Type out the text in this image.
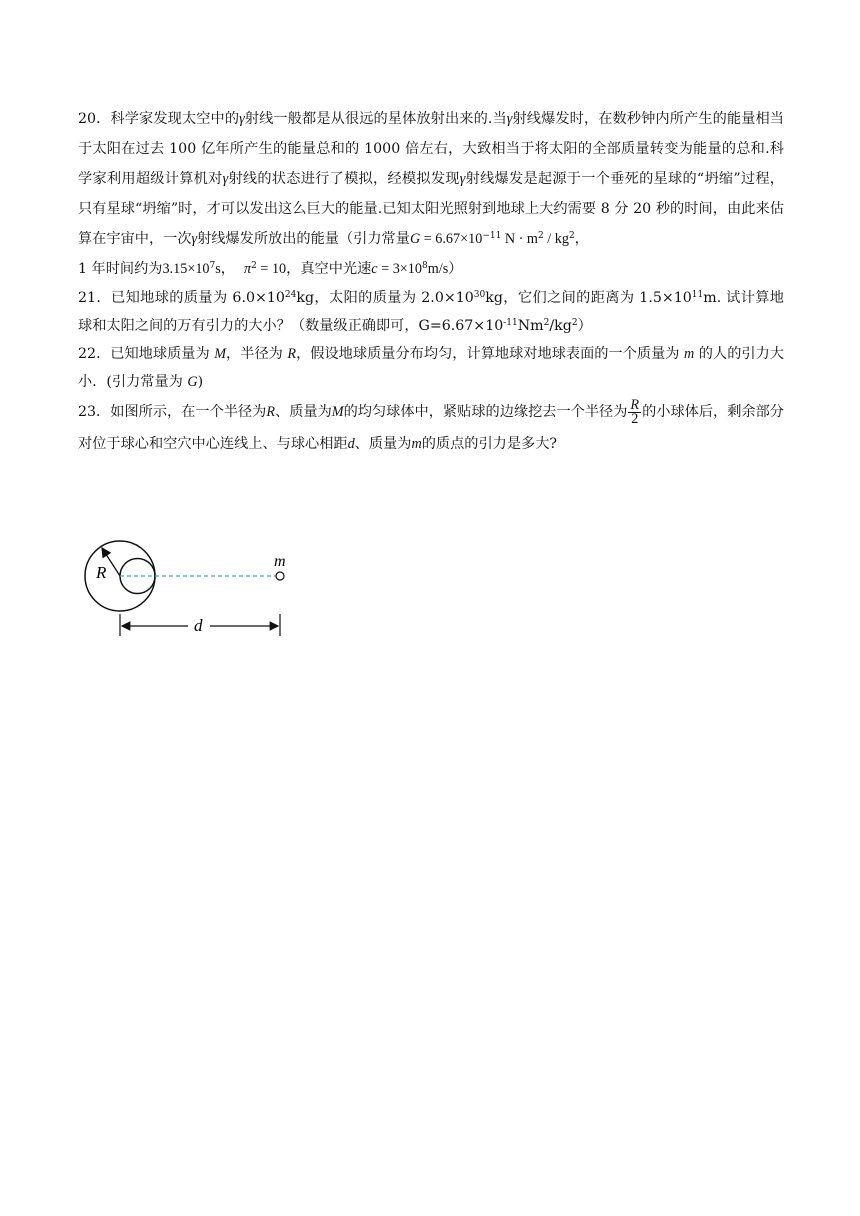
20．科学家发现太空中的γ射线一般都是从很远的星体放射出来的.当γ射线爆发时，在数秒钟内所产生的能量相当于太阳在过去 100 亿年所产生的能量总和的 1000 倍左右，大致相当于将太阳的全部质量转变为能量的总和.科学家利用超级计算机对γ射线的状态进行了模拟，经模拟发现γ射线爆发是起源于一个垂死的星球的“坍缩”过程，只有星球“坍缩”时，才可以发出这么巨大的能量.已知太阳光照射到地球上大约需要 8 分 20 秒的时间，由此来估算在宇宙中，一次γ射线爆发所放出的能量（引力常量$G = 6.67\times 10^{-11}$ $N \cdot m^2 / kg^2$，
1 年时间约为$3.15\times 10^7s$，  $\pi^2 = 10$，真空中光速$c = 3\times 10^8m/s$）

21．已知地球的质量为 $6.0\times 10^{24}kg$，太阳的质量为 $2.0\times 10^{30}kg$，它们之间的距离为 $1.5\times 10^{11}m$. 试计算地球和太阳之间的万有引力的大小？（数量级正确即可，$G=6.67\times 10^{-11}Nm^2/kg^2$）

22．已知地球质量为 M，半径为 R，假设地球质量分布均匀，计算地球对地球表面的一个质量为 m 的人的引力大小．(引力常量为 G)

23．如图所示，在一个半径为R、质量为M的均匀球体中，紧贴球的边缘挖去一个半径为 $\frac{R}{2}$ 的小球体后，剩余部分对位于球心和空穴中心连线上、与球心相距d、质量为m的质点的引力是多大?

R
m
d
